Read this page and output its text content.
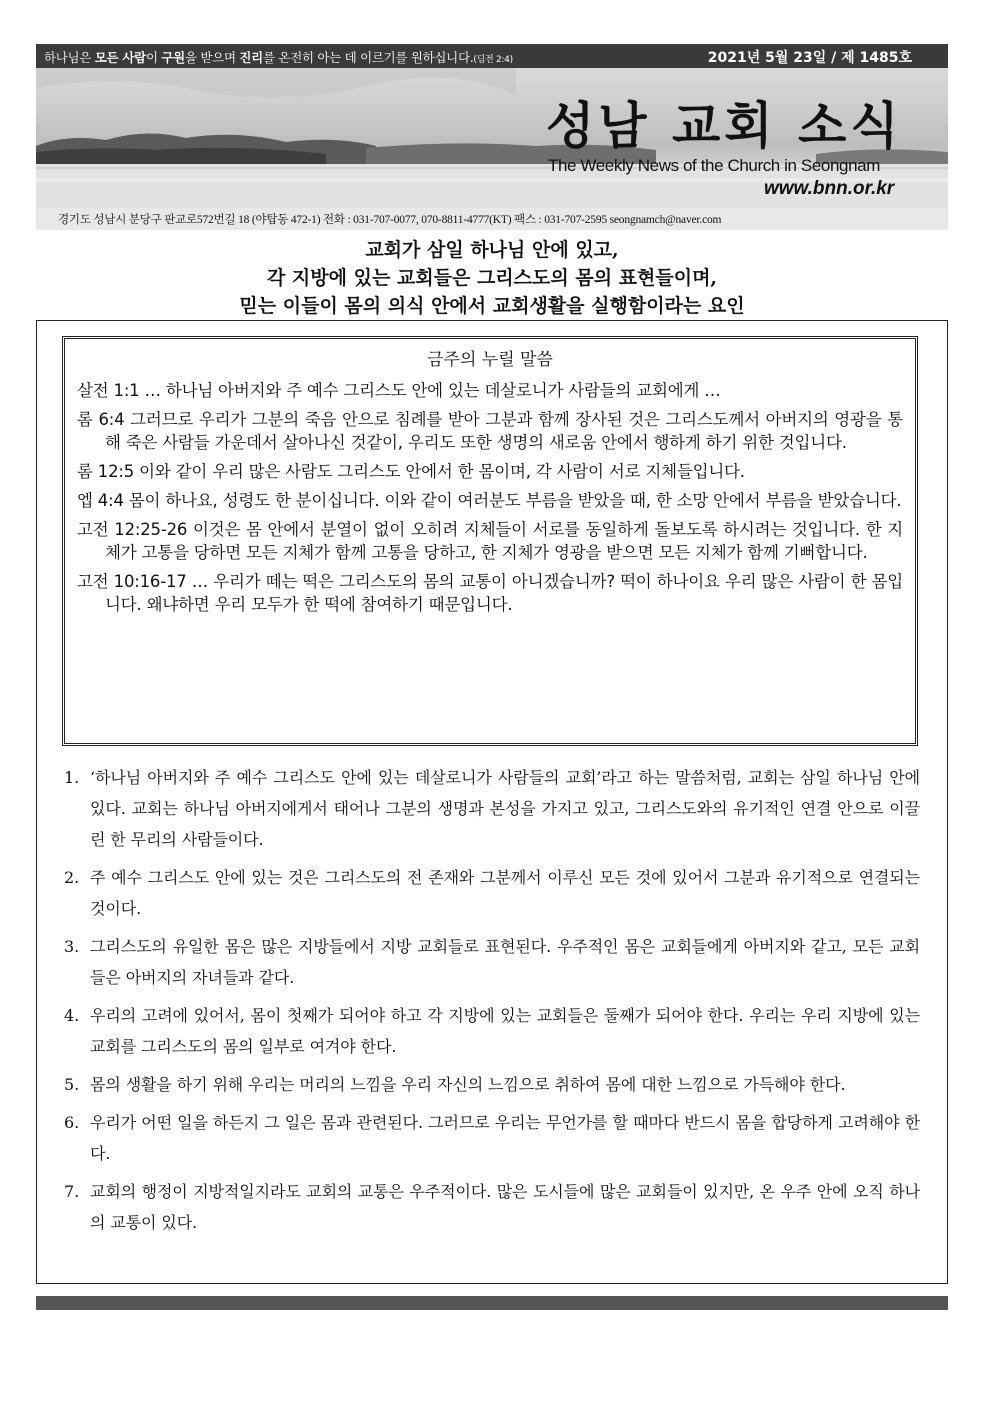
하나님은 모든 사람이 구원을 받으며 진리를 온전히 아는 데 이르기를 원하십니다.(딤전 2:4)	2021년 5월 23일 / 제 1485호
성남 교회 소식
The Weekly News of the Church in Seongnam
www.bnn.or.kr
경기도 성남시 분당구 판교로572번길 18 (야탑동 472-1) 전화 : 031-707-0077, 070-8811-4777(KT) 팩스 : 031-707-2595 seongnamch@naver.com
교회가 삼일 하나님 안에 있고,
각 지방에 있는 교회들은 그리스도의 몸의 표현들이며,
믿는 이들이 몸의 의식 안에서 교회생활을 실행함이라는 요인
금주의 누릴 말씀
살전 1:1 … 하나님 아버지와 주 예수 그리스도 안에 있는 데살로니가 사람들의 교회에게 …
롬 6:4 그러므로 우리가 그분의 죽음 안으로 침례를 받아 그분과 함께 장사된 것은 그리스도께서 아버지의 영광을 통해 죽은 사람들 가운데서 살아나신 것같이, 우리도 또한 생명의 새로움 안에서 행하게 하기 위한 것입니다.
롬 12:5 이와 같이 우리 많은 사람도 그리스도 안에서 한 몸이며, 각 사람이 서로 지체들입니다.
엡 4:4 몸이 하나요, 성령도 한 분이십니다. 이와 같이 여러분도 부름을 받았을 때, 한 소망 안에서 부름을 받았습니다.
고전 12:25-26 이것은 몸 안에서 분열이 없이 오히려 지체들이 서로를 동일하게 돌보도록 하시려는 것입니다. 한 지체가 고통을 당하면 모든 지체가 함께 고통을 당하고, 한 지체가 영광을 받으면 모든 지체가 함께 기뻐합니다.
고전 10:16-17 … 우리가 떼는 떡은 그리스도의 몸의 교통이 아니겠습니까? 떡이 하나이요 우리 많은 사람이 한 몸입니다. 왜냐하면 우리 모두가 한 떡에 참여하기 때문입니다.
1. ‘하나님 아버지와 주 예수 그리스도 안에 있는 데살로니가 사람들의 교회’라고 하는 말씀처럼, 교회는 삼일 하나님 안에 있다. 교회는 하나님 아버지에게서 태어나 그분의 생명과 본성을 가지고 있고, 그리스도와의 유기적인 연결 안으로 이끌린 한 무리의 사람들이다.
2. 주 예수 그리스도 안에 있는 것은 그리스도의 전 존재와 그분께서 이루신 모든 것에 있어서 그분과 유기적으로 연결되는 것이다.
3. 그리스도의 유일한 몸은 많은 지방들에서 지방 교회들로 표현된다. 우주적인 몸은 교회들에게 아버지와 같고, 모든 교회들은 아버지의 자녀들과 같다.
4. 우리의 고려에 있어서, 몸이 첫째가 되어야 하고 각 지방에 있는 교회들은 둘째가 되어야 한다. 우리는 우리 지방에 있는 교회를 그리스도의 몸의 일부로 여겨야 한다.
5. 몸의 생활을 하기 위해 우리는 머리의 느낌을 우리 자신의 느낌으로 취하여 몸에 대한 느낌으로 가득해야 한다.
6. 우리가 어떤 일을 하든지 그 일은 몸과 관련된다. 그러므로 우리는 무언가를 할 때마다 반드시 몸을 합당하게 고려해야 한다.
7. 교회의 행정이 지방적일지라도 교회의 교통은 우주적이다. 많은 도시들에 많은 교회들이 있지만, 온 우주 안에 오직 하나의 교통이 있다.
